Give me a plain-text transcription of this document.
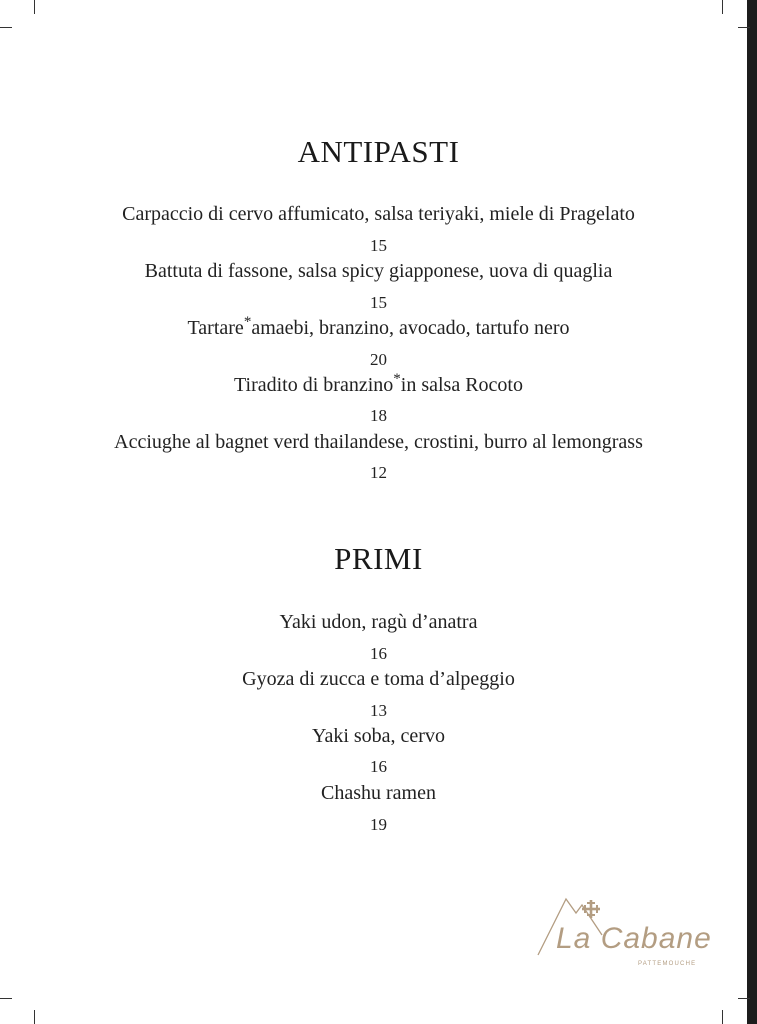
ANTIPASTI
Carpaccio di cervo affumicato, salsa teriyaki, miele di Pragelato
15
Battuta di fassone, salsa spicy giapponese, uova di quaglia
15
Tartare*amaebi, branzino, avocado, tartufo nero
20
Tiradito di branzino*in salsa Rocoto
18
Acciughe al bagnet verd thailandese, crostini, burro al lemongrass
12
PRIMI
Yaki udon, ragù d’anatra
16
Gyoza di zucca e toma d’alpeggio
13
Yaki soba, cervo
16
Chashu ramen
19
La Cabane
PATTEMOUCHE
